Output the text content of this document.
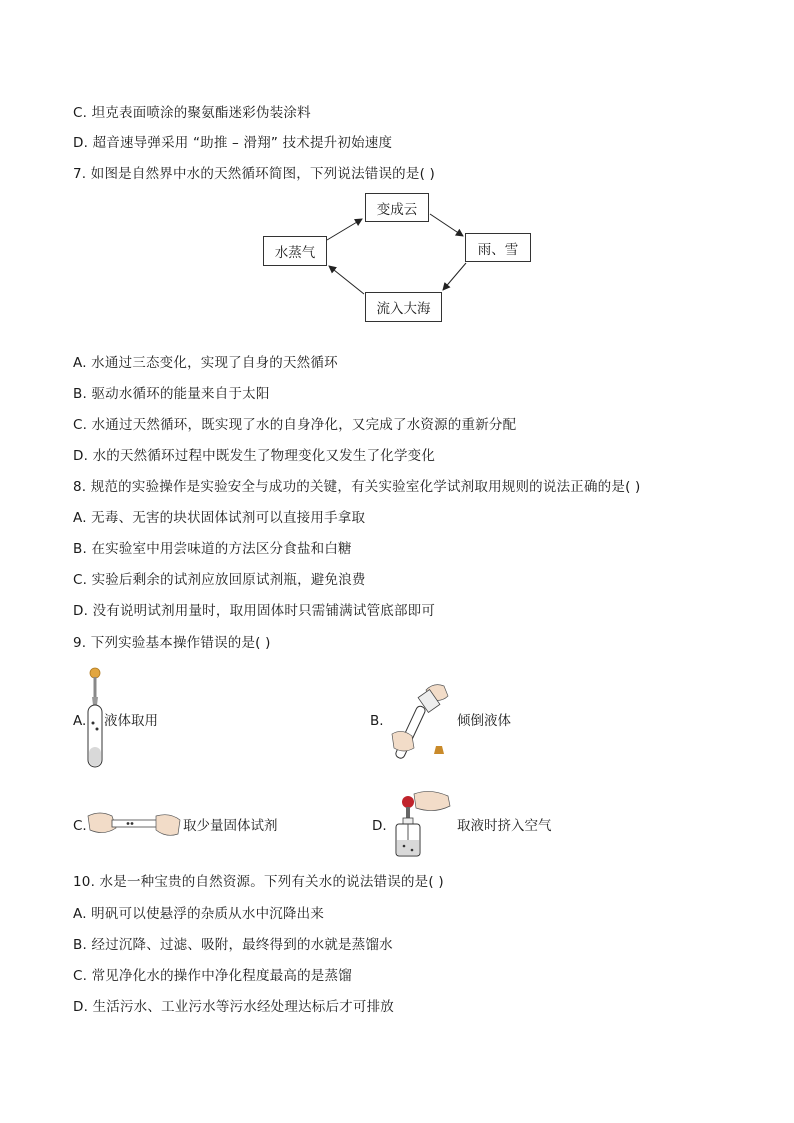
C. 坦克表面喷涂的聚氨酯迷彩伪装涂料
D. 超音速导弹采用 “助推 – 滑翔” 技术提升初始速度
7. 如图是自然界中水的天然循环简图，下列说法错误的是( )
变成云
雨、雪
流入大海
水蒸气
A. 水通过三态变化，实现了自身的天然循环
B. 驱动水循环的能量来自于太阳
C. 水通过天然循环，既实现了水的自身净化，又完成了水资源的重新分配
D. 水的天然循环过程中既发生了物理变化又发生了化学变化
8. 规范的实验操作是实验安全与成功的关键，有关实验室化学试剂取用规则的说法正确的是( )
A. 无毒、无害的块状固体试剂可以直接用手拿取
B. 在实验室中用尝味道的方法区分食盐和白糖
C. 实验后剩余的试剂应放回原试剂瓶，避免浪费
D. 没有说明试剂用量时，取用固体时只需铺满试管底部即可
9. 下列实验基本操作错误的是( )
A. 液体取用	B.	倾倒液体
C.	取少量固体试剂	D.	取液时挤入空气
10. 水是一种宝贵的自然资源。下列有关水的说法错误的是( )
A. 明矾可以使悬浮的杂质从水中沉降出来
B. 经过沉降、过滤、吸附，最终得到的水就是蒸馏水
C. 常见净化水的操作中净化程度最高的是蒸馏
D. 生活污水、工业污水等污水经处理达标后才可排放
